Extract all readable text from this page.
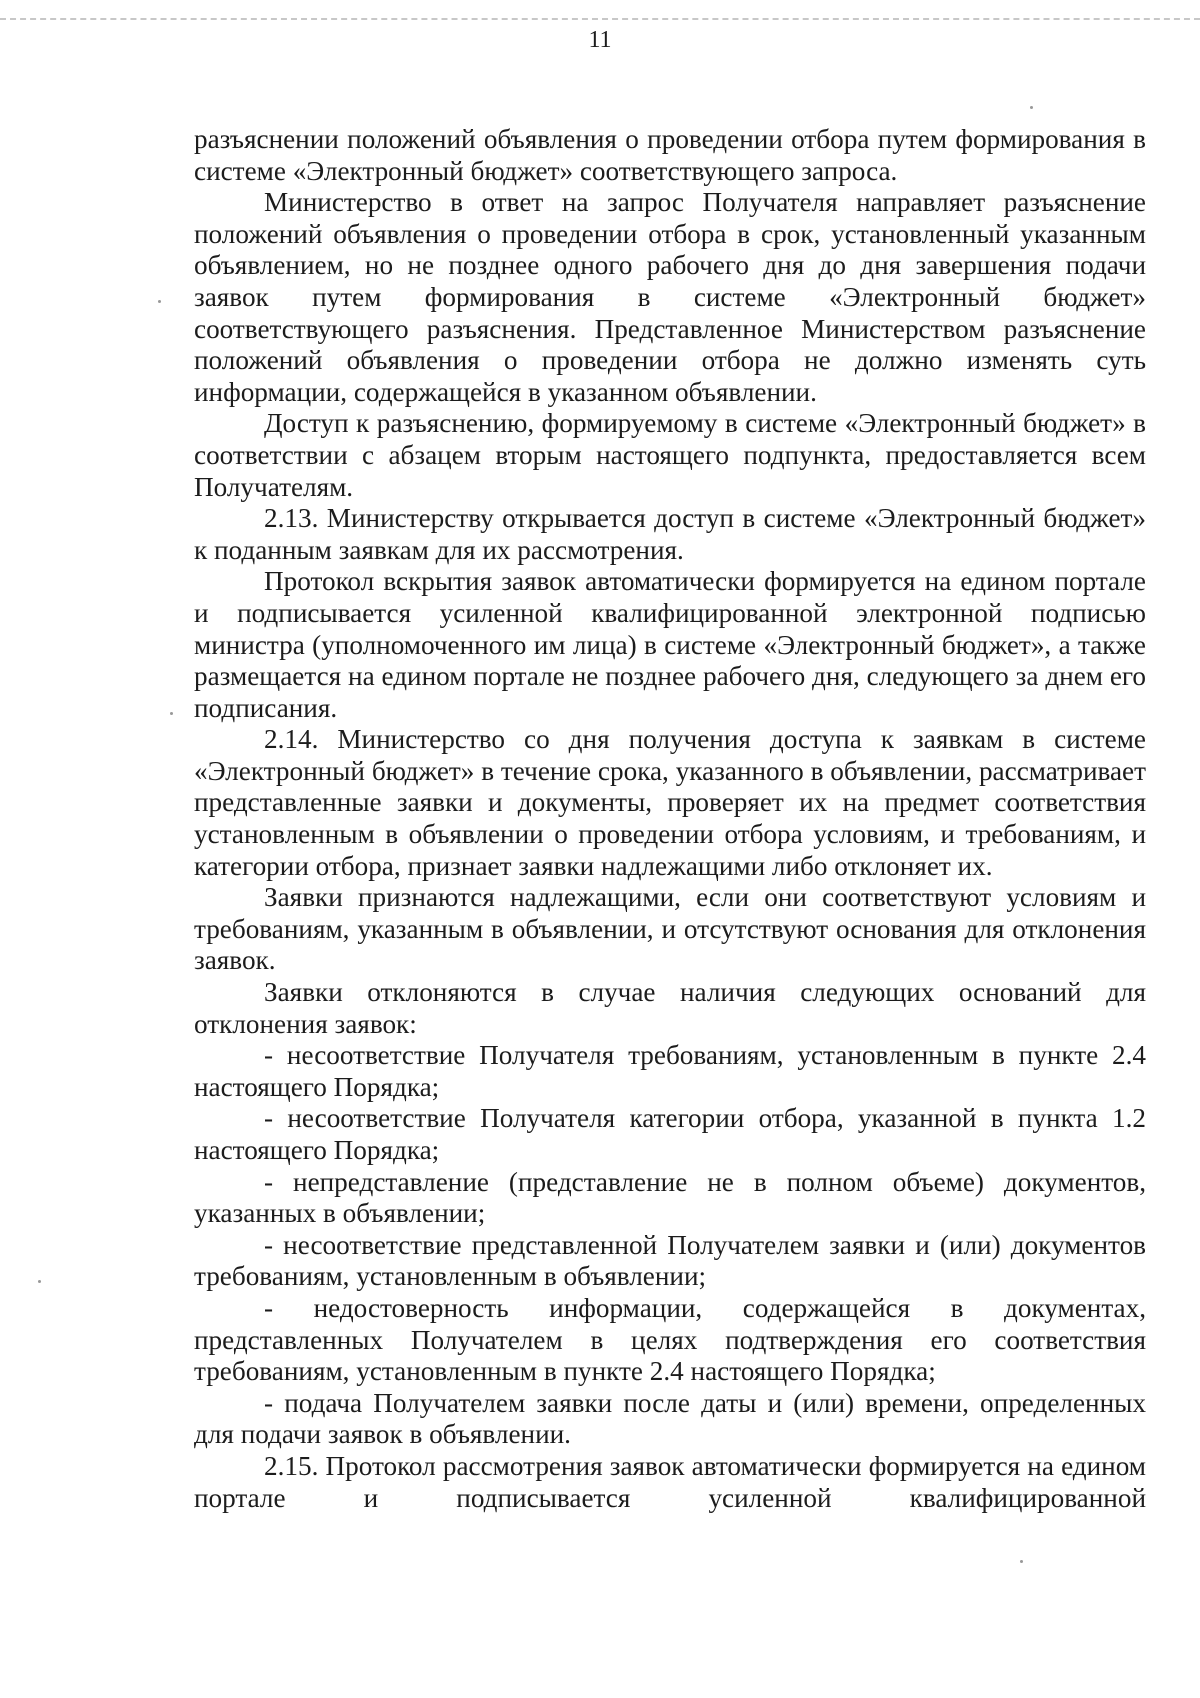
11

разъяснении положений объявления о проведении отбора путем формирования в системе «Электронный бюджет» соответствующего запроса.

Министерство в ответ на запрос Получателя направляет разъяснение положений объявления о проведении отбора в срок, установленный указанным объявлением, но не позднее одного рабочего дня до дня завершения подачи заявок путем формирования в системе «Электронный бюджет» соответствующего разъяснения. Представленное Министерством разъяснение положений объявления о проведении отбора не должно изменять суть информации, содержащейся в указанном объявлении.

Доступ к разъяснению, формируемому в системе «Электронный бюджет» в соответствии с абзацем вторым настоящего подпункта, предоставляется всем Получателям.

2.13. Министерству открывается доступ в системе «Электронный бюджет» к поданным заявкам для их рассмотрения.

Протокол вскрытия заявок автоматически формируется на едином портале и подписывается усиленной квалифицированной электронной подписью министра (уполномоченного им лица) в системе «Электронный бюджет», а также размещается на едином портале не позднее рабочего дня, следующего за днем его подписания.

2.14. Министерство со дня получения доступа к заявкам в системе «Электронный бюджет» в течение срока, указанного в объявлении, рассматривает представленные заявки и документы, проверяет их на предмет соответствия установленным в объявлении о проведении отбора условиям, и требованиям, и категории отбора, признает заявки надлежащими либо отклоняет их.

Заявки признаются надлежащими, если они соответствуют условиям и требованиям, указанным в объявлении, и отсутствуют основания для отклонения заявок.

Заявки отклоняются в случае наличия следующих оснований для отклонения заявок:

- несоответствие Получателя требованиям, установленным в пункте 2.4 настоящего Порядка;

- несоответствие Получателя категории отбора, указанной в пункта 1.2 настоящего Порядка;

- непредставление (представление не в полном объеме) документов, указанных в объявлении;

- несоответствие представленной Получателем заявки и (или) документов требованиям, установленным в объявлении;

- недостоверность информации, содержащейся в документах, представленных Получателем в целях подтверждения его соответствия требованиям, установленным в пункте 2.4 настоящего Порядка;

- подача Получателем заявки после даты и (или) времени, определенных для подачи заявок в объявлении.

2.15. Протокол рассмотрения заявок автоматически формируется на едином портале и подписывается усиленной квалифицированной
